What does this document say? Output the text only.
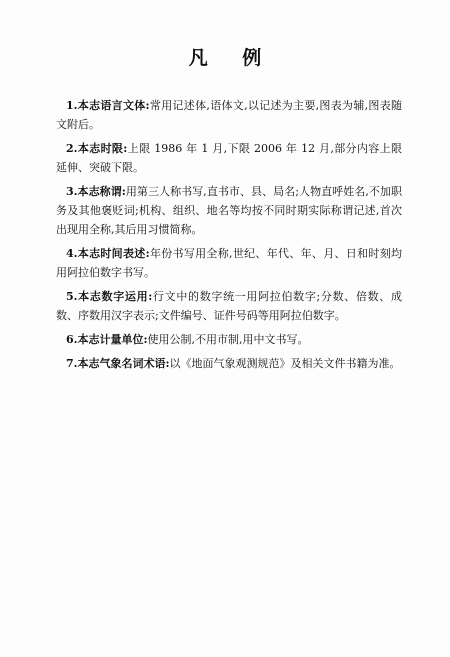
凡 例

1.本志语言文体:常用记述体,语体文,以记述为主要,图表为辅,图表随文附后。

2.本志时限:上限 1986 年 1 月,下限 2006 年 12 月,部分内容上限延伸、突破下限。

3.本志称谓:用第三人称书写,直书市、县、局名;人物直呼姓名,不加职务及其他褒贬词;机构、组织、地名等均按不同时期实际称谓记述,首次出现用全称,其后用习惯简称。

4.本志时间表述:年份书写用全称,世纪、年代、年、月、日和时刻均用阿拉伯数字书写。

5.本志数字运用:行文中的数字统一用阿拉伯数字;分数、倍数、成数、序数用汉字表示;文件编号、证件号码等用阿拉伯数字。

6.本志计量单位:使用公制,不用市制,用中文书写。

7.本志气象名词术语:以《地面气象观测规范》及相关文件书籍为准。
